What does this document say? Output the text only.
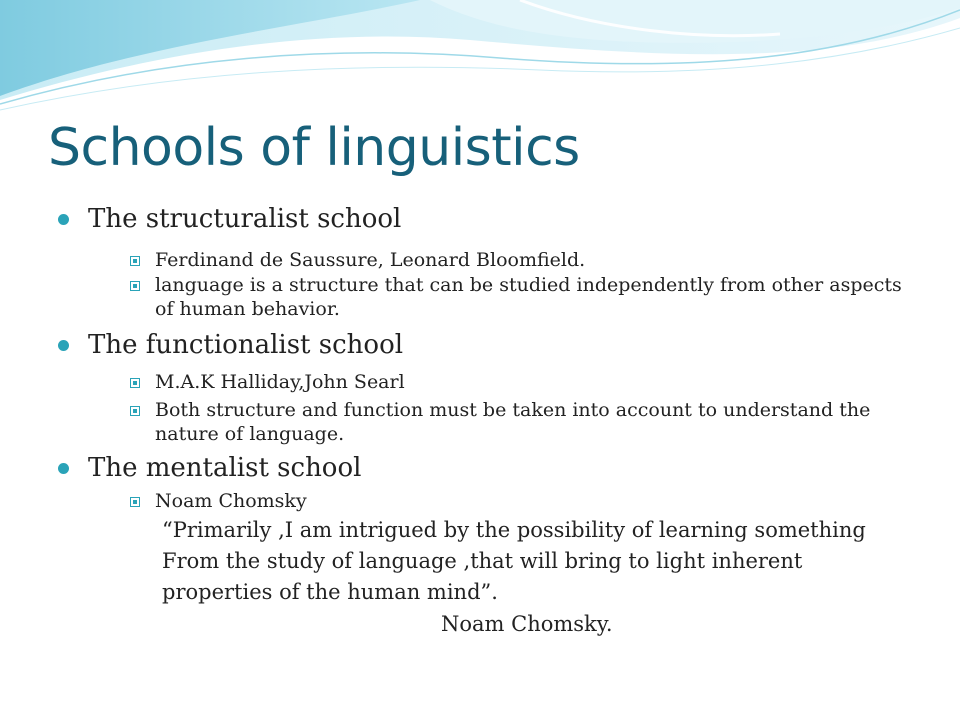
Schools of linguistics
The structuralist school
Ferdinand de Saussure, Leonard Bloomfield.
language is a structure that can be studied independently from other aspects of human behavior.
The functionalist school
M.A.K Halliday,John Searl
Both structure and function must be taken into account to understand the nature of language.
The mentalist school
Noam Chomsky
“Primarily ,I am intrigued by the possibility of learning something
From the study of language ,that will bring to light inherent
properties of the human mind”.
Noam Chomsky.
